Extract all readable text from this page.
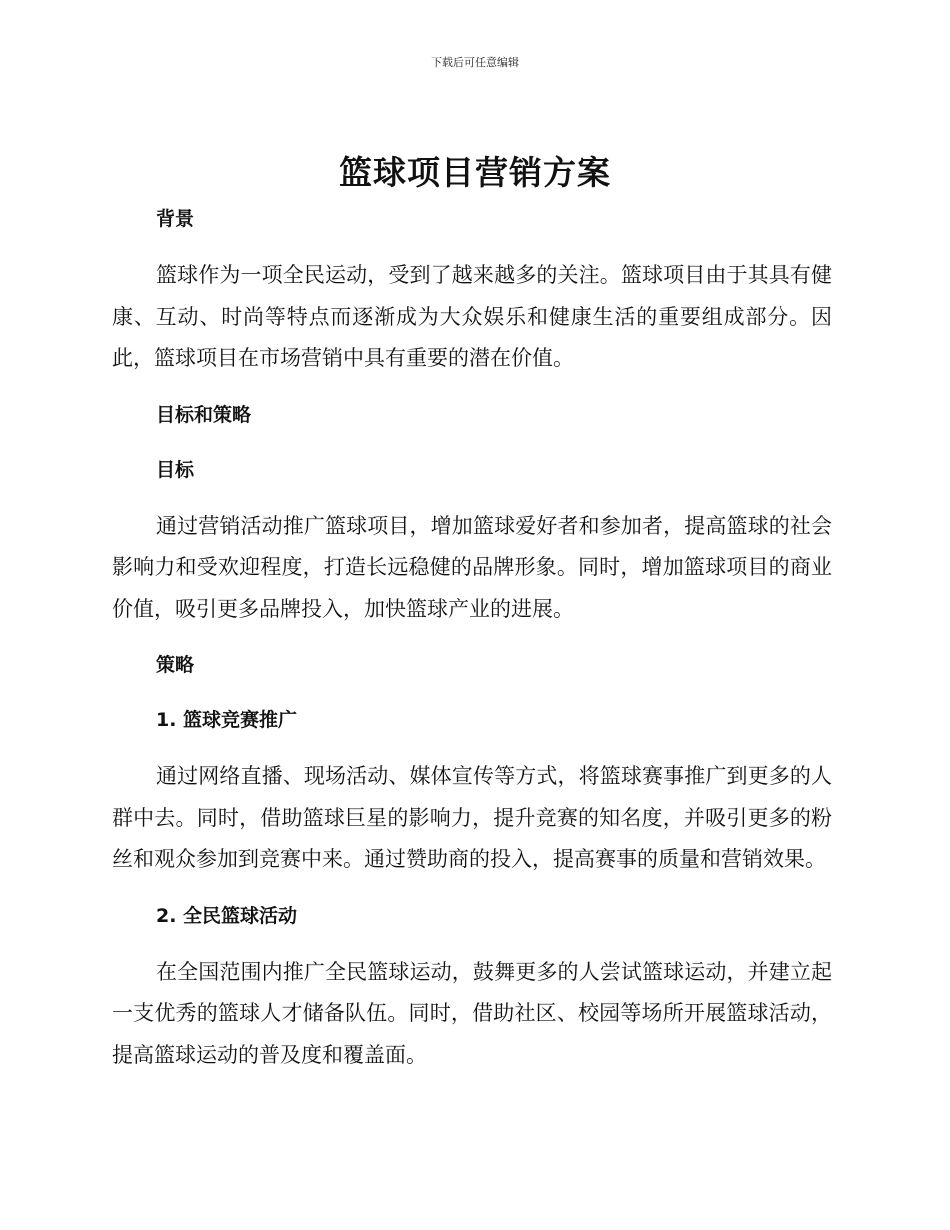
下载后可任意编辑
篮球项目营销方案
背景

篮球作为一项全民运动，受到了越来越多的关注。篮球项目由于其具有健康、互动、时尚等特点而逐渐成为大众娱乐和健康生活的重要组成部分。因此，篮球项目在市场营销中具有重要的潜在价值。

目标和策略
目标

通过营销活动推广篮球项目，增加篮球爱好者和参加者，提高篮球的社会影响力和受欢迎程度，打造长远稳健的品牌形象。同时，增加篮球项目的商业价值，吸引更多品牌投入，加快篮球产业的进展。

策略
1. 篮球竞赛推广

通过网络直播、现场活动、媒体宣传等方式，将篮球赛事推广到更多的人群中去。同时，借助篮球巨星的影响力，提升竞赛的知名度，并吸引更多的粉丝和观众参加到竞赛中来。通过赞助商的投入，提高赛事的质量和营销效果。

2. 全民篮球活动

在全国范围内推广全民篮球运动，鼓舞更多的人尝试篮球运动，并建立起一支优秀的篮球人才储备队伍。同时，借助社区、校园等场所开展篮球活动，提高篮球运动的普及度和覆盖面。
